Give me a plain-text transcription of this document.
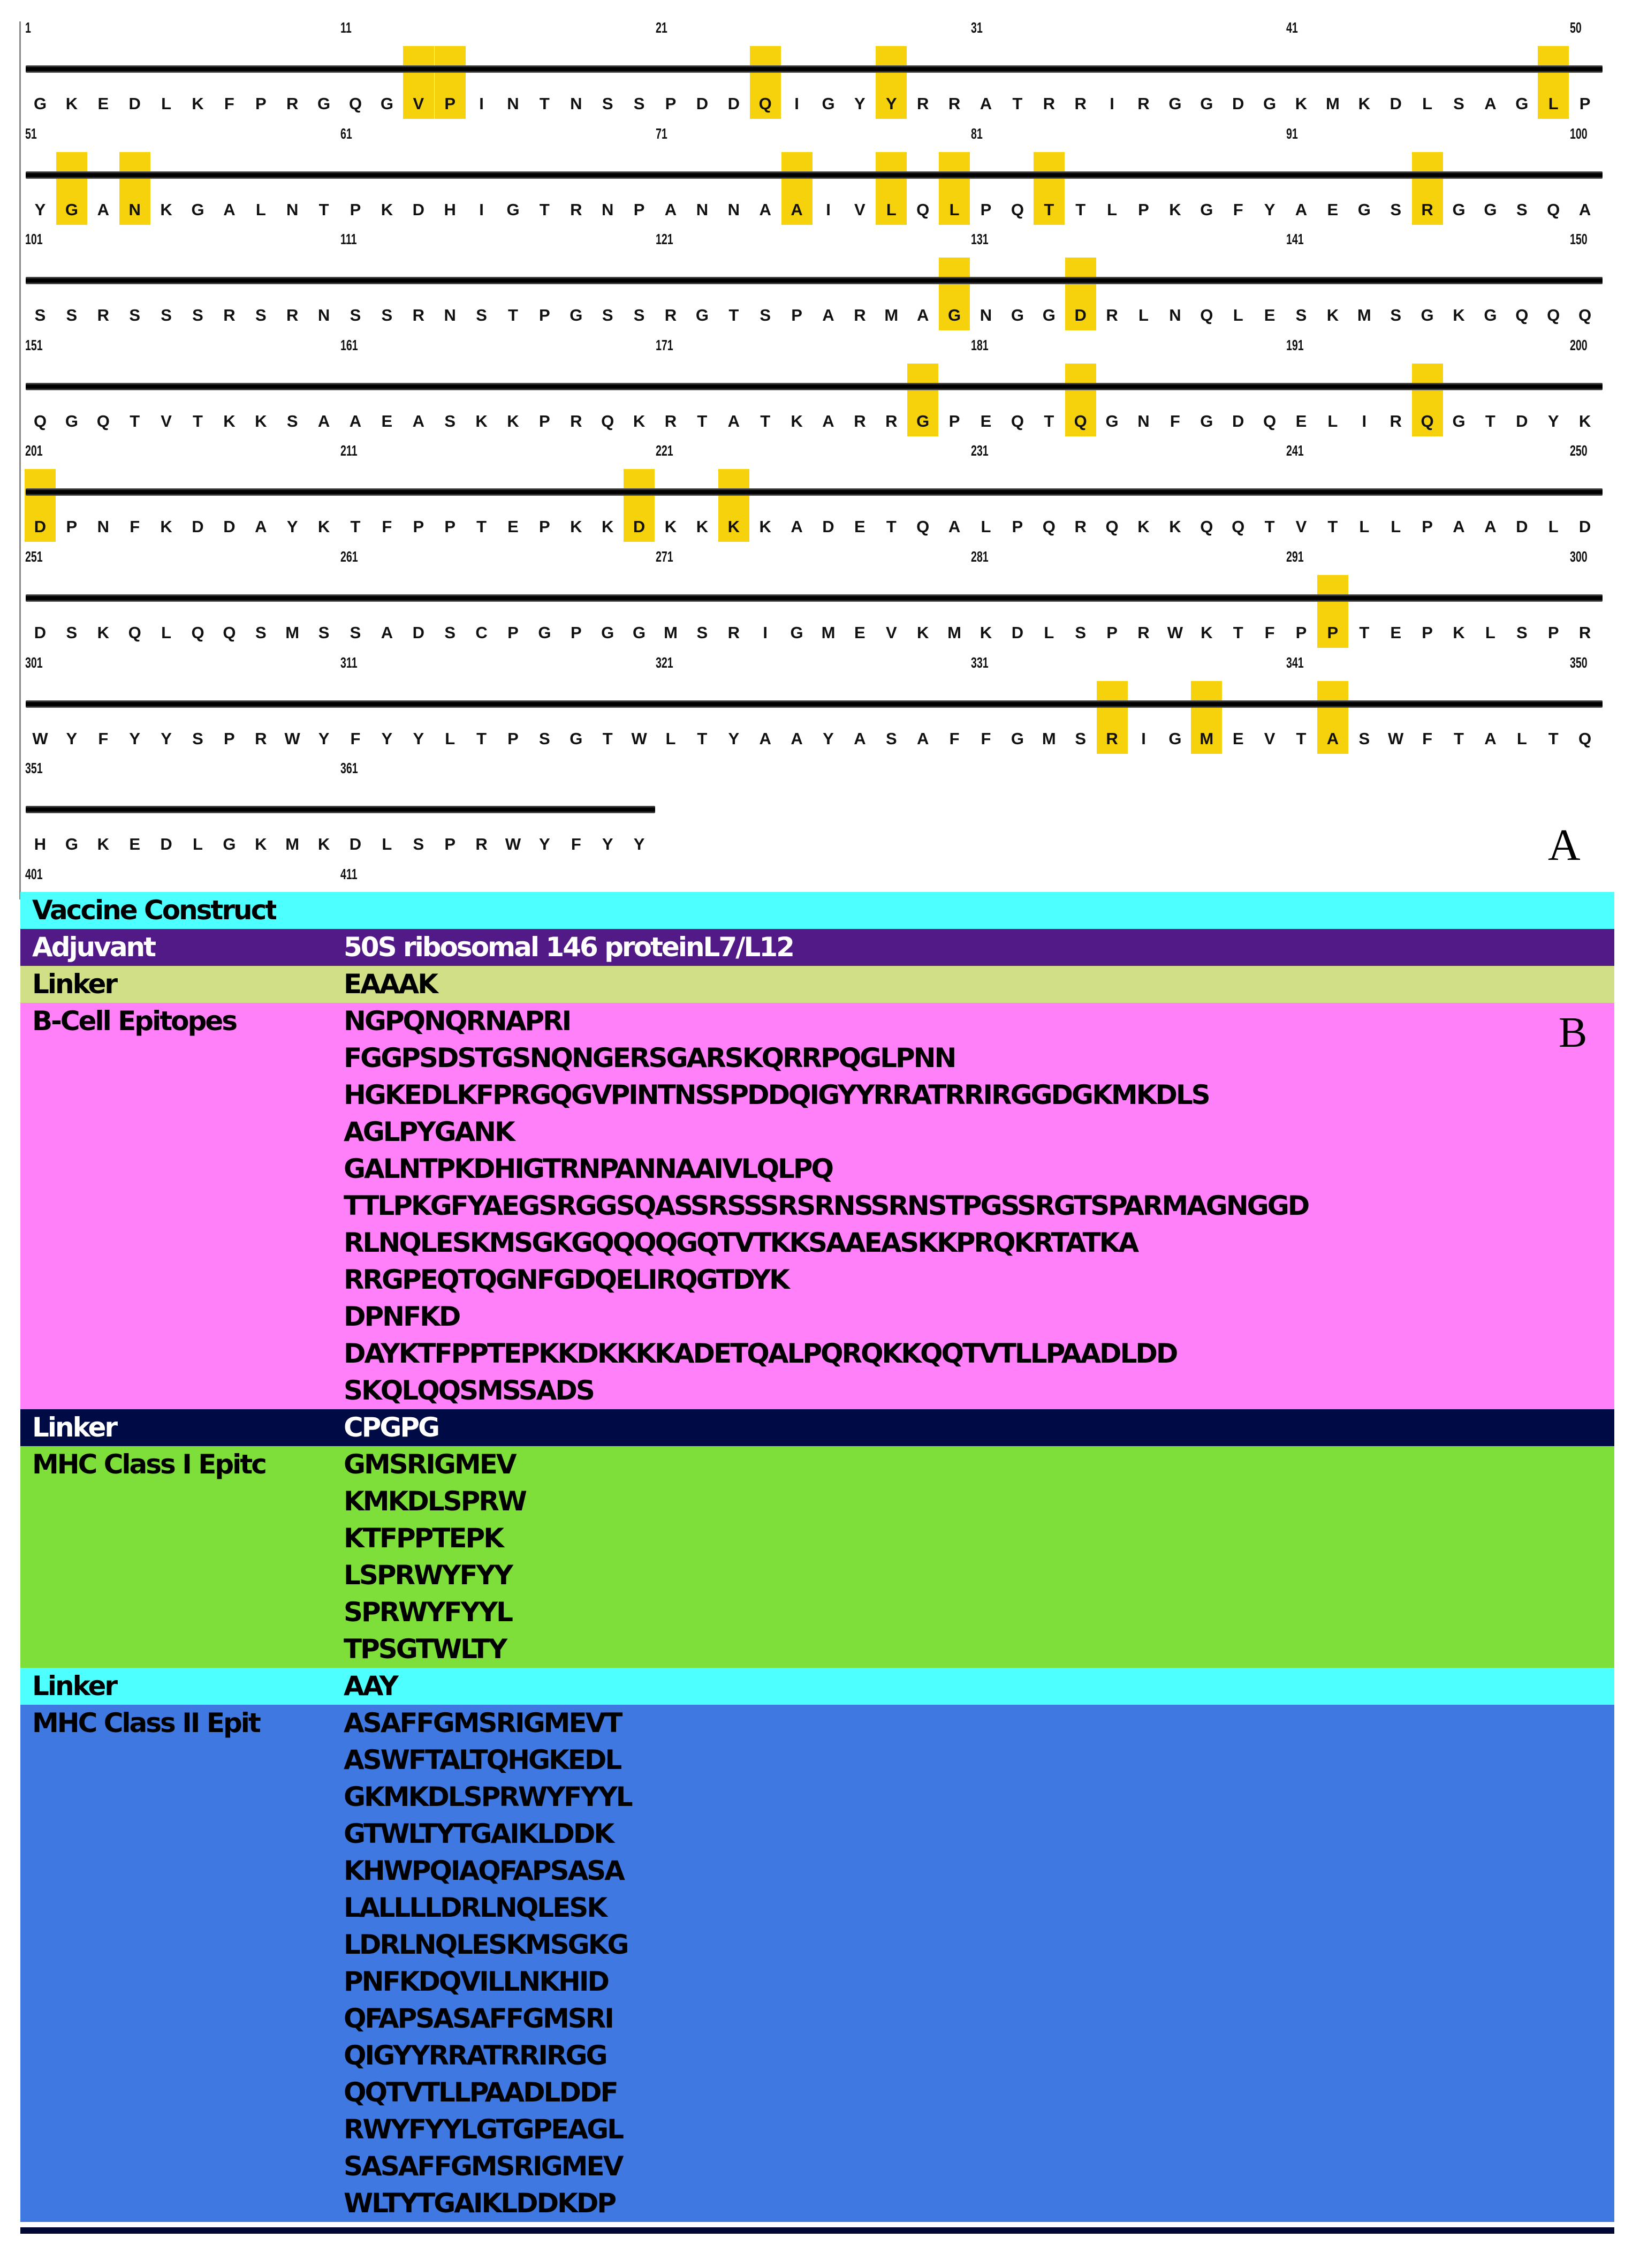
1	11	21	31	41	50
G	K	E	D	L	K	F	P	R	G	Q	G	V	P	I	N	T	N	S	S	P	D	D	Q	I	G	Y	Y	R	R	A	T	R	R	I	R	G	G	D	G	K	M	K	D	L	S	A	G	L	P
51	61	71	81	91	100
Y	G	A	N	K	G	A	L	N	T	P	K	D	H	I	G	T	R	N	P	A	N	N	A	A	I	V	L	Q	L	P	Q	T	T	L	P	K	G	F	Y	A	E	G	S	R	G	G	S	Q	A
101	111	121	131	141	150
S	S	R	S	S	S	R	S	R	N	S	S	R	N	S	T	P	G	S	S	R	G	T	S	P	A	R	M	A	G	N	G	G	D	R	L	N	Q	L	E	S	K	M	S	G	K	G	Q	Q	Q
151	161	171	181	191	200
Q	G	Q	T	V	T	K	K	S	A	A	E	A	S	K	K	P	R	Q	K	R	T	A	T	K	A	R	R	G	P	E	Q	T	Q	G	N	F	G	D	Q	E	L	I	R	Q	G	T	D	Y	K
201	211	221	231	241	250
D	P	N	F	K	D	D	A	Y	K	T	F	P	P	T	E	P	K	K	D	K	K	K	K	A	D	E	T	Q	A	L	P	Q	R	Q	K	K	Q	Q	T	V	T	L	L	P	A	A	D	L	D
251	261	271	281	291	300
D	S	K	Q	L	Q	Q	S	M	S	S	A	D	S	C	P	G	P	G	G	M	S	R	I	G	M	E	V	K	M	K	D	L	S	P	R	W	K	T	F	P	P	T	E	P	K	L	S	P	R
301	311	321	331	341	350
W	Y	F	Y	Y	S	P	R	W	Y	F	Y	Y	L	T	P	S	G	T	W	L	T	Y	A	A	Y	A	S	A	F	F	G	M	S	R	I	G	M	E	V	T	A	S	W	F	T	A	L	T	Q
351	361
H	G	K	E	D	L	G	K	M	K	D	L	S	P	R	W	Y	F	Y	Y
401	411
A
Vaccine Construct
Adjuvant	50S ribosomal 146 proteinL7/L12
Linker	EAAAK
B-Cell Epitopes	NGPQNQRNAPRI
FGGPSDSTGSNQNGERSGARSKQRRPQGLPNN
HGKEDLKFPRGQGVPINTNSSPDDQIGYYRRATRRIRGGDGKMKDLS
AGLPYGANK
GALNTPKDHIGTRNPANNAAIVLQLPQ
TTLPKGFYAEGSRGGSQASSRSSSRSRNSSRNSTPGSSRGTSPARMAGNGGD
RLNQLESKMSGKGQQQQGQTVTKKSAAEASKKPRQKRTATKA
RRGPEQTQGNFGDQELIRQGTDYK
DPNFKD
DAYKTFPPTEPKKDKKKKADETQALPQRQKKQQTVTLLPAADLDD
SKQLQQSMSSADS
Linker	CPGPG
MHC Class I Epitc	GMSRIGMEV
KMKDLSPRW
KTFPPTEPK
LSPRWYFYY
SPRWYFYYL
TPSGTWLTY
Linker	AAY
MHC Class II Epit	ASAFFGMSRIGMEVT
ASWFTALTQHGKEDL
GKMKDLSPRWYFYYL
GTWLTYTGAIKLDDK
KHWPQIAQFAPSASA
LALLLLDRLNQLESK
LDRLNQLESKMSGKG
PNFKDQVILLNKHID
QFAPSASAFFGMSRI
QIGYYRRATRRIRGG
QQTVTLLPAADLDDF
RWYFYYLGTGPEAGL
SASAFFGMSRIGMEV
WLTYTGAIKLDDKDP
B
